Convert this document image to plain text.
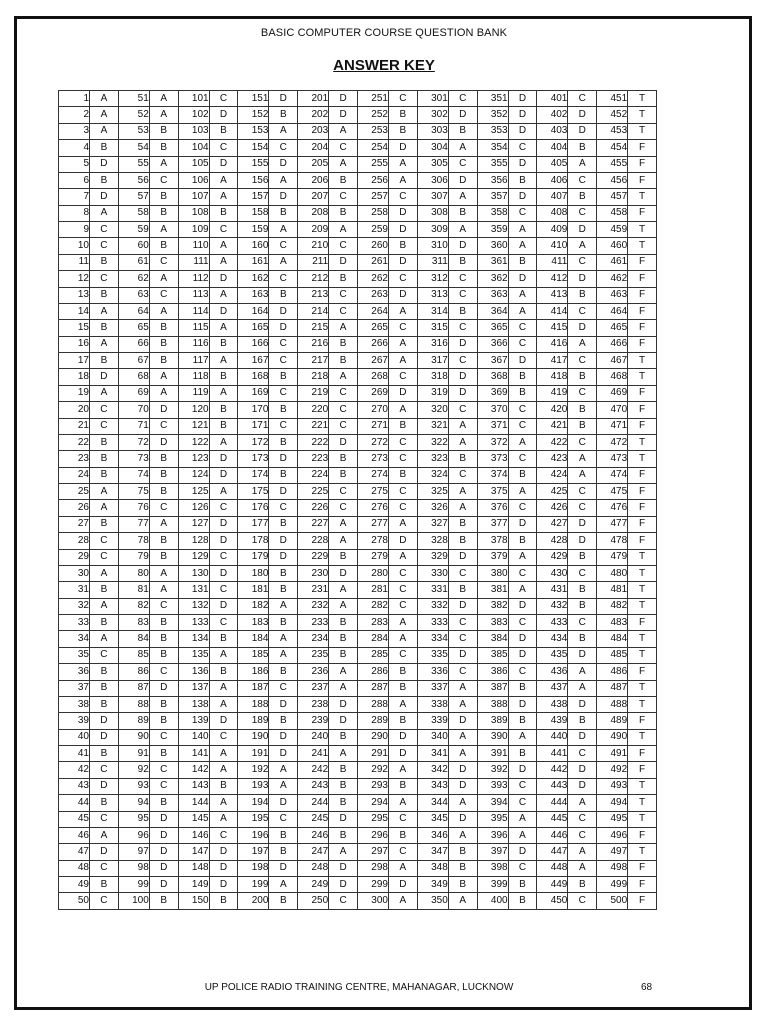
BASIC COMPUTER COURSE QUESTION BANK
ANSWER KEY
1	A	51	A	101	C	151	D	201	D	251	C	301	C	351	D	401	C	451	T
2	A	52	A	102	D	152	B	202	D	252	B	302	D	352	D	402	D	452	T
3	A	53	B	103	B	153	A	203	A	253	B	303	B	353	D	403	D	453	T
4	B	54	B	104	C	154	C	204	C	254	D	304	A	354	C	404	B	454	F
5	D	55	A	105	D	155	D	205	A	255	A	305	C	355	D	405	A	455	F
6	B	56	C	106	A	156	A	206	B	256	A	306	D	356	B	406	C	456	F
7	D	57	B	107	A	157	D	207	C	257	C	307	A	357	D	407	B	457	T
8	A	58	B	108	B	158	B	208	B	258	D	308	B	358	C	408	C	458	F
9	C	59	A	109	C	159	A	209	A	259	D	309	A	359	A	409	D	459	T
10	C	60	B	110	A	160	C	210	C	260	B	310	D	360	A	410	A	460	T
11	B	61	C	111	A	161	A	211	D	261	D	311	B	361	B	411	C	461	F
12	C	62	A	112	D	162	C	212	B	262	C	312	C	362	D	412	D	462	F
13	B	63	C	113	A	163	B	213	C	263	D	313	C	363	A	413	B	463	F
14	A	64	A	114	D	164	D	214	C	264	A	314	B	364	A	414	C	464	F
15	B	65	B	115	A	165	D	215	A	265	C	315	C	365	C	415	D	465	F
16	A	66	B	116	B	166	C	216	B	266	A	316	D	366	C	416	A	466	F
17	B	67	B	117	A	167	C	217	B	267	A	317	C	367	D	417	C	467	T
18	D	68	A	118	B	168	B	218	A	268	C	318	D	368	B	418	B	468	T
19	A	69	A	119	A	169	C	219	C	269	D	319	D	369	B	419	C	469	F
20	C	70	D	120	B	170	B	220	C	270	A	320	C	370	C	420	B	470	F
21	C	71	C	121	B	171	C	221	C	271	B	321	A	371	C	421	B	471	F
22	B	72	D	122	A	172	B	222	D	272	C	322	A	372	A	422	C	472	T
23	B	73	B	123	D	173	D	223	B	273	C	323	B	373	C	423	A	473	T
24	B	74	B	124	D	174	B	224	B	274	B	324	C	374	B	424	A	474	F
25	A	75	B	125	A	175	D	225	C	275	C	325	A	375	A	425	C	475	F
26	A	76	C	126	C	176	C	226	C	276	C	326	A	376	C	426	C	476	F
27	B	77	A	127	D	177	B	227	A	277	A	327	B	377	D	427	D	477	F
28	C	78	B	128	D	178	D	228	A	278	D	328	B	378	B	428	D	478	F
29	C	79	B	129	C	179	D	229	B	279	A	329	D	379	A	429	B	479	T
30	A	80	A	130	D	180	B	230	D	280	C	330	C	380	C	430	C	480	T
31	B	81	A	131	C	181	B	231	A	281	C	331	B	381	A	431	B	481	T
32	A	82	C	132	D	182	A	232	A	282	C	332	D	382	D	432	B	482	T
33	B	83	B	133	C	183	B	233	B	283	A	333	C	383	C	433	C	483	F
34	A	84	B	134	B	184	A	234	B	284	A	334	C	384	D	434	B	484	T
35	C	85	B	135	A	185	A	235	B	285	C	335	D	385	D	435	D	485	T
36	B	86	C	136	B	186	B	236	A	286	B	336	C	386	C	436	A	486	F
37	B	87	D	137	A	187	C	237	A	287	B	337	A	387	B	437	A	487	T
38	B	88	B	138	A	188	D	238	D	288	A	338	A	388	D	438	D	488	T
39	D	89	B	139	D	189	B	239	D	289	B	339	D	389	B	439	B	489	F
40	D	90	C	140	C	190	D	240	B	290	D	340	A	390	A	440	D	490	T
41	B	91	B	141	A	191	D	241	A	291	D	341	A	391	B	441	C	491	F
42	C	92	C	142	A	192	A	242	B	292	A	342	D	392	D	442	D	492	F
43	D	93	C	143	B	193	A	243	B	293	B	343	D	393	C	443	D	493	T
44	B	94	B	144	A	194	D	244	B	294	A	344	A	394	C	444	A	494	T
45	C	95	D	145	A	195	C	245	D	295	C	345	D	395	A	445	C	495	T
46	A	96	D	146	C	196	B	246	B	296	B	346	A	396	A	446	C	496	F
47	D	97	D	147	D	197	B	247	A	297	C	347	B	397	D	447	A	497	T
48	C	98	D	148	D	198	D	248	D	298	A	348	B	398	C	448	A	498	F
49	B	99	D	149	D	199	A	249	D	299	D	349	B	399	B	449	B	499	F
50	C	100	B	150	B	200	B	250	C	300	A	350	A	400	B	450	C	500	F
UP POLICE RADIO TRAINING CENTRE, MAHANAGAR, LUCKNOW	68
